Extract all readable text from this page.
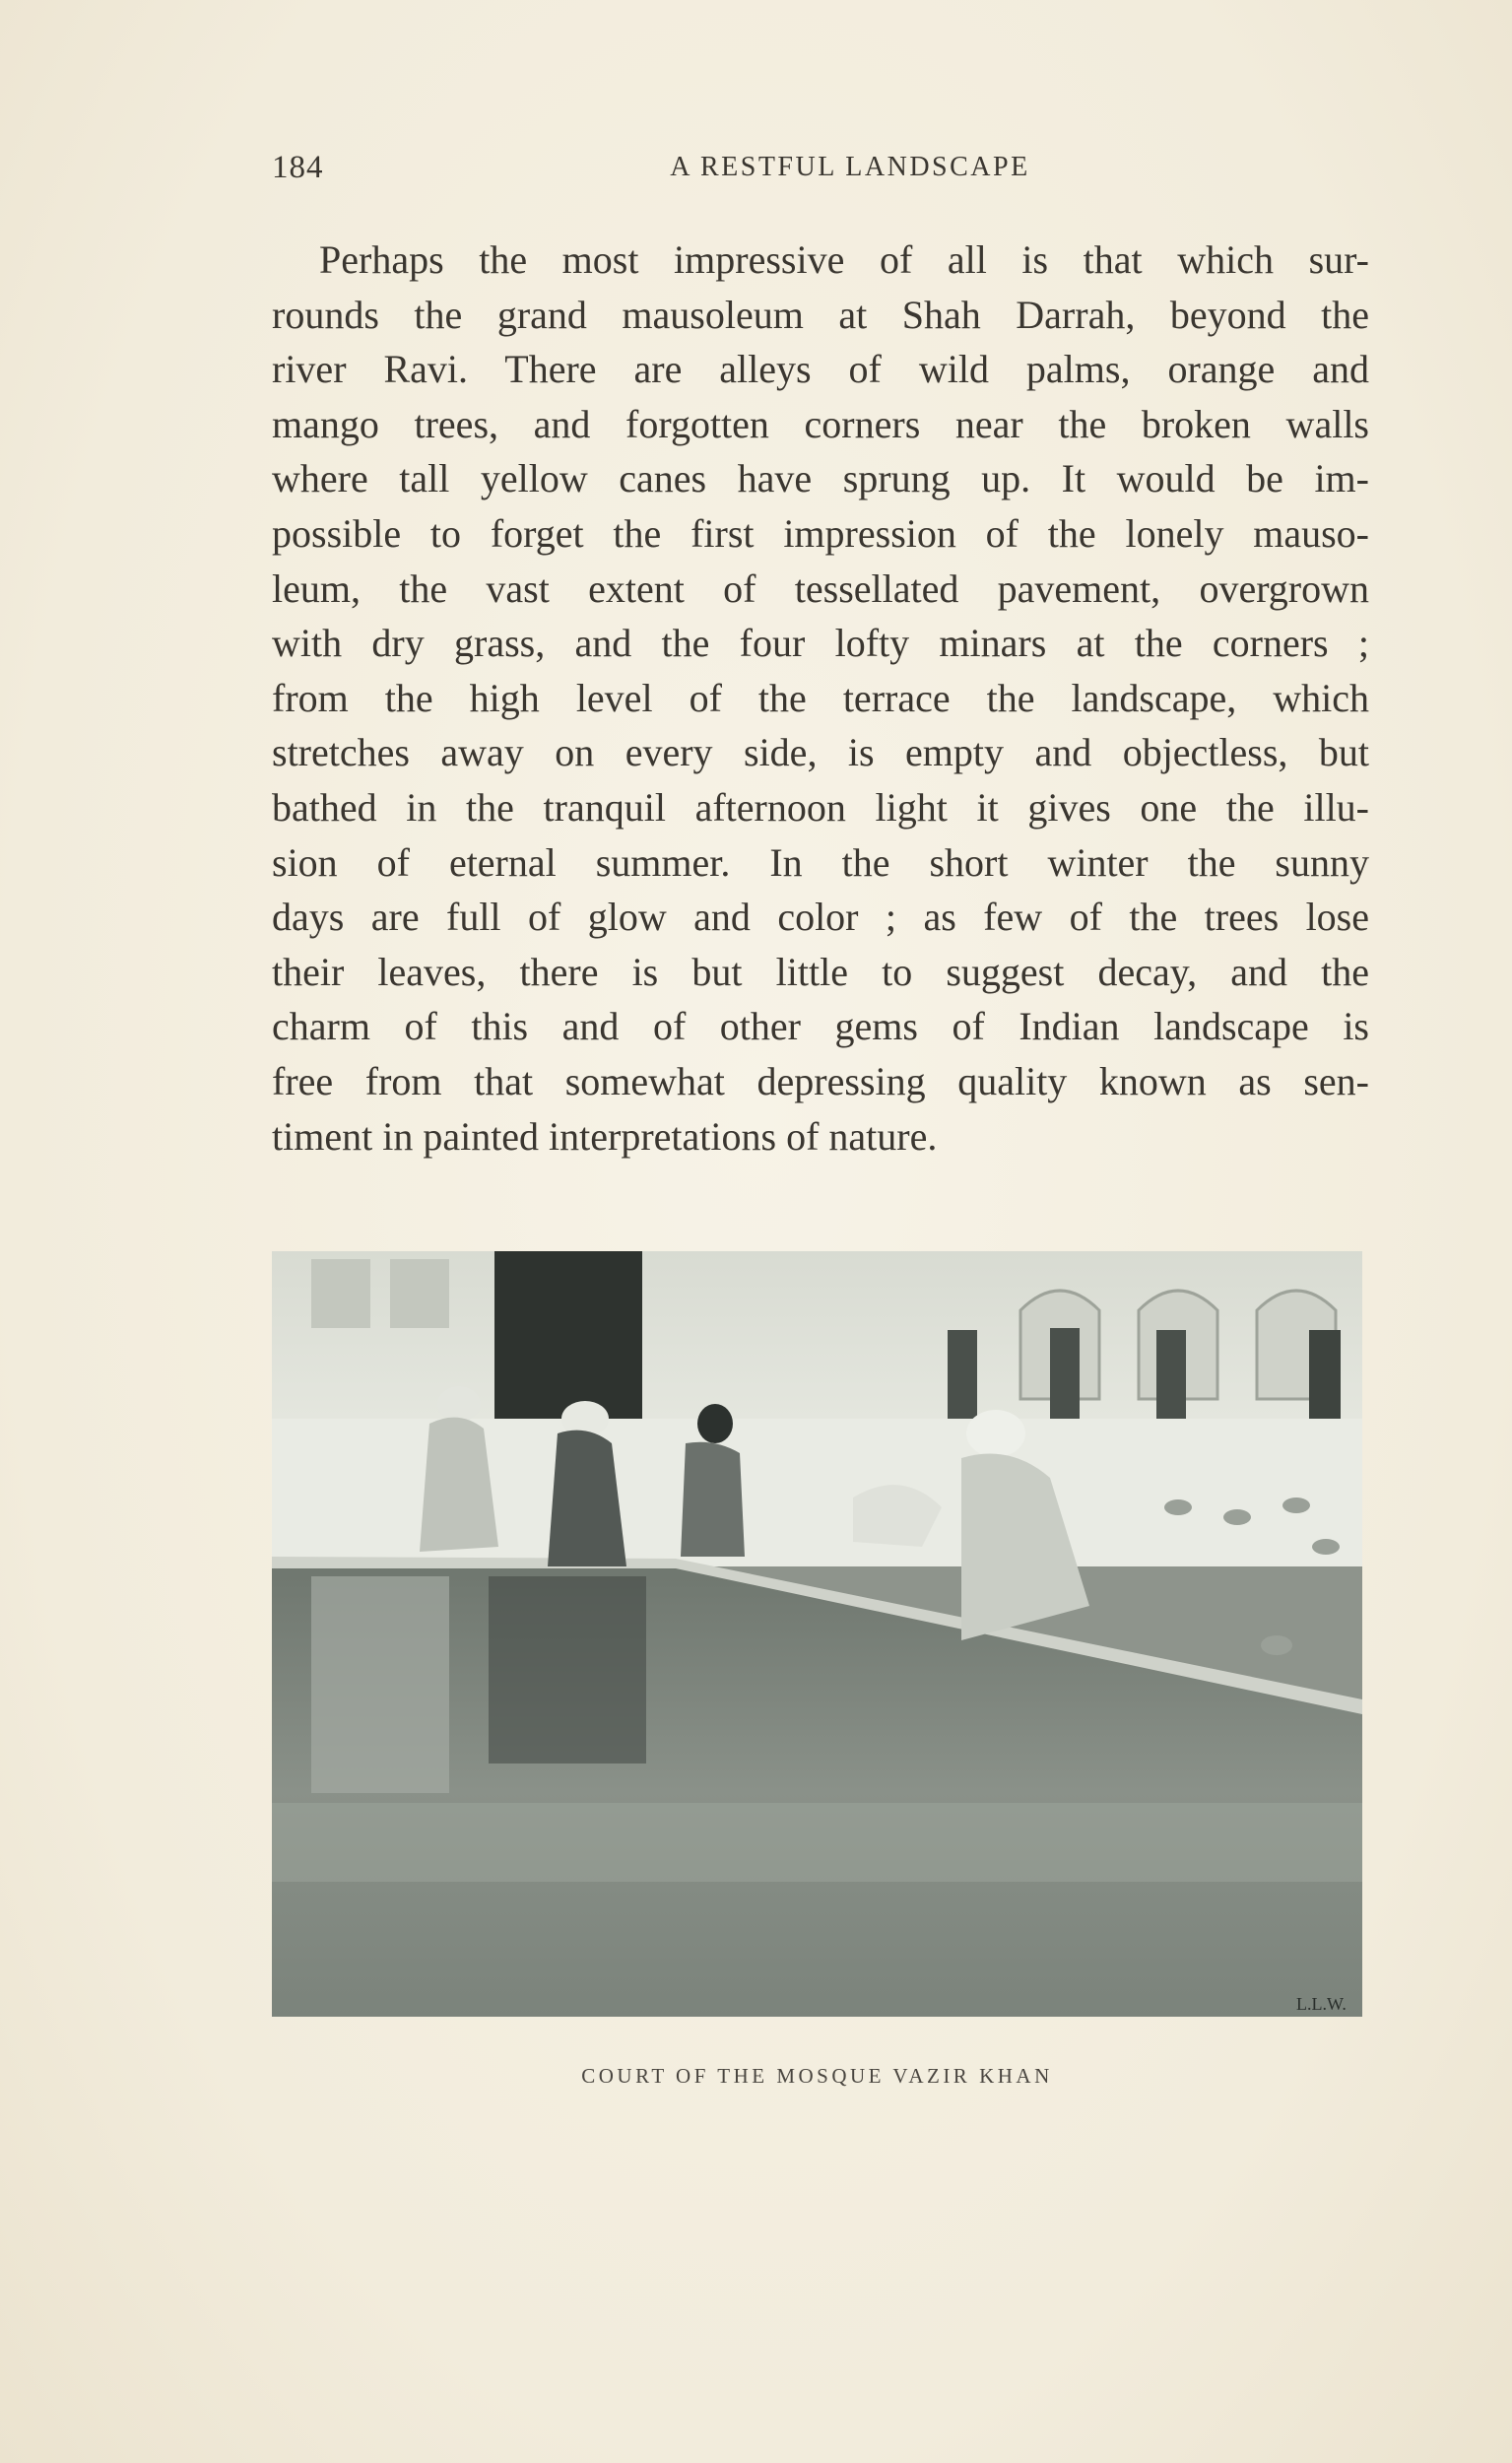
184	A RESTFUL LANDSCAPE
Perhaps the most impressive of all is that which sur-
rounds the grand mausoleum at Shah Darrah, beyond the
river Ravi. There are alleys of wild palms, orange and
mango trees, and forgotten corners near the broken walls
where tall yellow canes have sprung up. It would be im-
possible to forget the first impression of the lonely mauso-
leum, the vast extent of tessellated pavement, overgrown
with dry grass, and the four lofty minars at the corners ;
from the high level of the terrace the landscape, which
stretches away on every side, is empty and objectless, but
bathed in the tranquil afternoon light it gives one the illu-
sion of eternal summer. In the short winter the sunny
days are full of glow and color ; as few of the trees lose
their leaves, there is but little to suggest decay, and the
charm of this and of other gems of Indian landscape is
free from that somewhat depressing quality known as sen-
timent in painted interpretations of nature.
L.L.W.
COURT OF THE MOSQUE VAZIR KHAN
